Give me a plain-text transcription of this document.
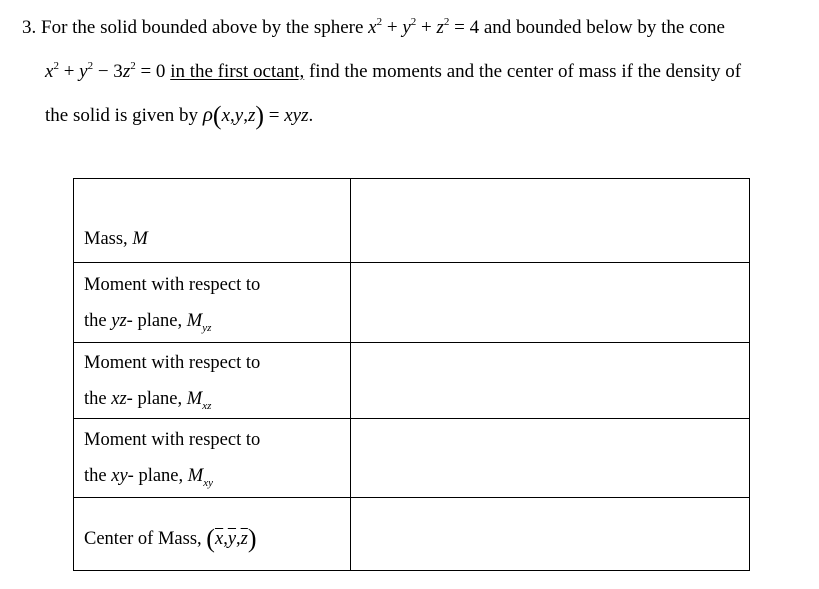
3. For the solid bounded above by the sphere $x^2 + y^2 + z^2 = 4$ and bounded below by the cone
$x^2 + y^2 - 3z^2 = 0$ in the first octant, find the moments and the center of mass if the density of
the solid is given by ρ(x,y,z) = xyz.
Mass, M	

Moment with respect to
the yz- plane, $M_{yz}$

Moment with respect to
the xz- plane, $M_{xz}$

Moment with respect to
the xy- plane, $M_{xy}$

Center of Mass, $(\overline{x},\overline{y},\overline{z})$	
